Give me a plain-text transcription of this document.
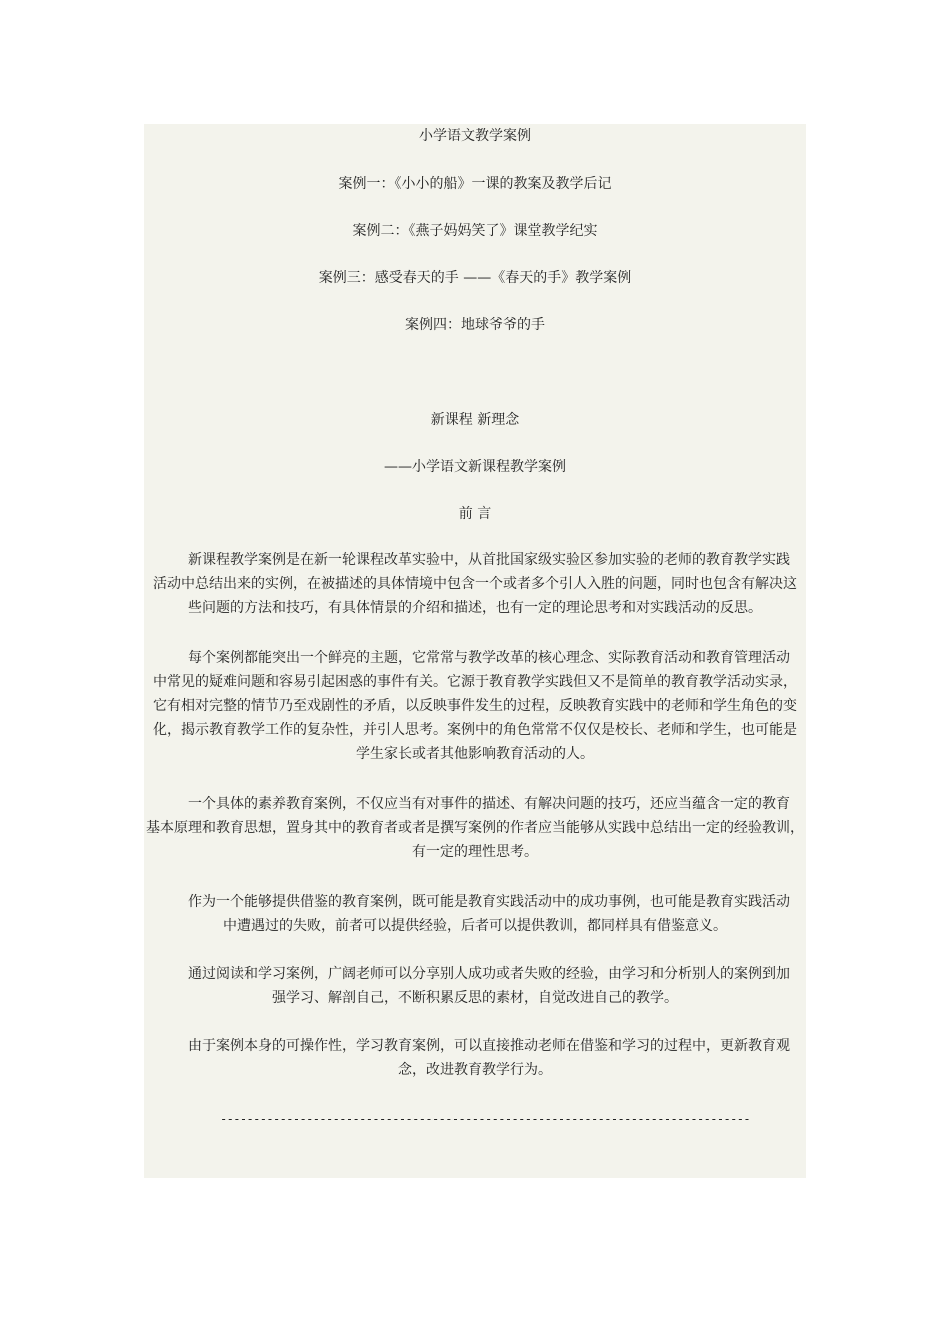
小学语文教学案例
案例一：《小小的船》一课的教案及教学后记
案例二：《燕子妈妈笑了》课堂教学纪实
案例三：感受春天的手 ——《春天的手》教学案例
案例四：地球爷爷的手
新课程 新理念
——小学语文新课程教学案例
前 言
　　新课程教学案例是在新一轮课程改革实验中，从首批国家级实验区参加实验的老师的教育教学实践
活动中总结出来的实例，在被描述的具体情境中包含一个或者多个引人入胜的问题，同时也包含有解决这
些问题的方法和技巧，有具体情景的介绍和描述，也有一定的理论思考和对实践活动的反思。
　　每个案例都能突出一个鲜亮的主题，它常常与教学改革的核心理念、实际教育活动和教育管理活动
中常见的疑难问题和容易引起困惑的事件有关。它源于教育教学实践但又不是简单的教育教学活动实录，
它有相对完整的情节乃至戏剧性的矛盾，以反映事件发生的过程，反映教育实践中的老师和学生角色的变
化，揭示教育教学工作的复杂性，并引人思考。案例中的角色常常不仅仅是校长、老师和学生，也可能是
学生家长或者其他影响教育活动的人。
　　一个具体的素养教育案例，不仅应当有对事件的描述、有解决问题的技巧，还应当蕴含一定的教育
基本原理和教育思想，置身其中的教育者或者是撰写案例的作者应当能够从实践中总结出一定的经验教训，
有一定的理性思考。
　　作为一个能够提供借鉴的教育案例，既可能是教育实践活动中的成功事例，也可能是教育实践活动
中遭遇过的失败，前者可以提供经验，后者可以提供教训，都同样具有借鉴意义。
　　通过阅读和学习案例，广阔老师可以分享别人成功或者失败的经验，由学习和分析别人的案例到加
强学习、解剖自己，不断积累反思的素材，自觉改进自己的教学。
　　由于案例本身的可操作性，学习教育案例，可以直接推动老师在借鉴和学习的过程中，更新教育观
念，改进教育教学行为。
--------------------------------------------------------------------------------
